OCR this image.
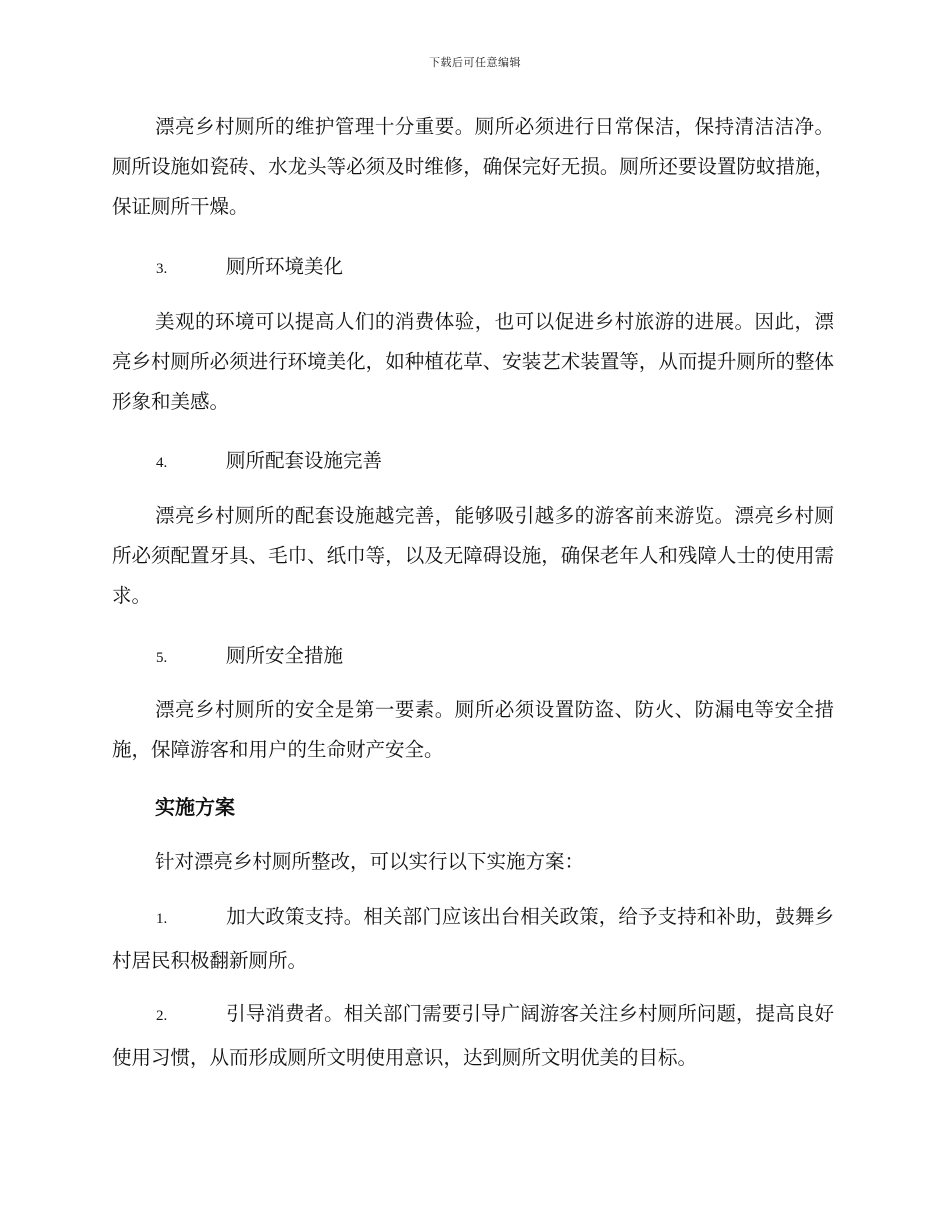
下载后可任意编辑
漂亮乡村厕所的维护管理十分重要。厕所必须进行日常保洁，保持清洁洁净。厕所设施如瓷砖、水龙头等必须及时维修，确保完好无损。厕所还要设置防蚊措施，保证厕所干燥。
3.	厕所环境美化
美观的环境可以提高人们的消费体验，也可以促进乡村旅游的进展。因此，漂亮乡村厕所必须进行环境美化，如种植花草、安装艺术装置等，从而提升厕所的整体形象和美感。
4.	厕所配套设施完善
漂亮乡村厕所的配套设施越完善，能够吸引越多的游客前来游览。漂亮乡村厕所必须配置牙具、毛巾、纸巾等，以及无障碍设施，确保老年人和残障人士的使用需求。
5.	厕所安全措施
漂亮乡村厕所的安全是第一要素。厕所必须设置防盗、防火、防漏电等安全措施，保障游客和用户的生命财产安全。
实施方案
针对漂亮乡村厕所整改，可以实行以下实施方案：
1.	加大政策支持。相关部门应该出台相关政策，给予支持和补助，鼓舞乡村居民积极翻新厕所。
2.	引导消费者。相关部门需要引导广阔游客关注乡村厕所问题，提高良好使用习惯，从而形成厕所文明使用意识，达到厕所文明优美的目标。
